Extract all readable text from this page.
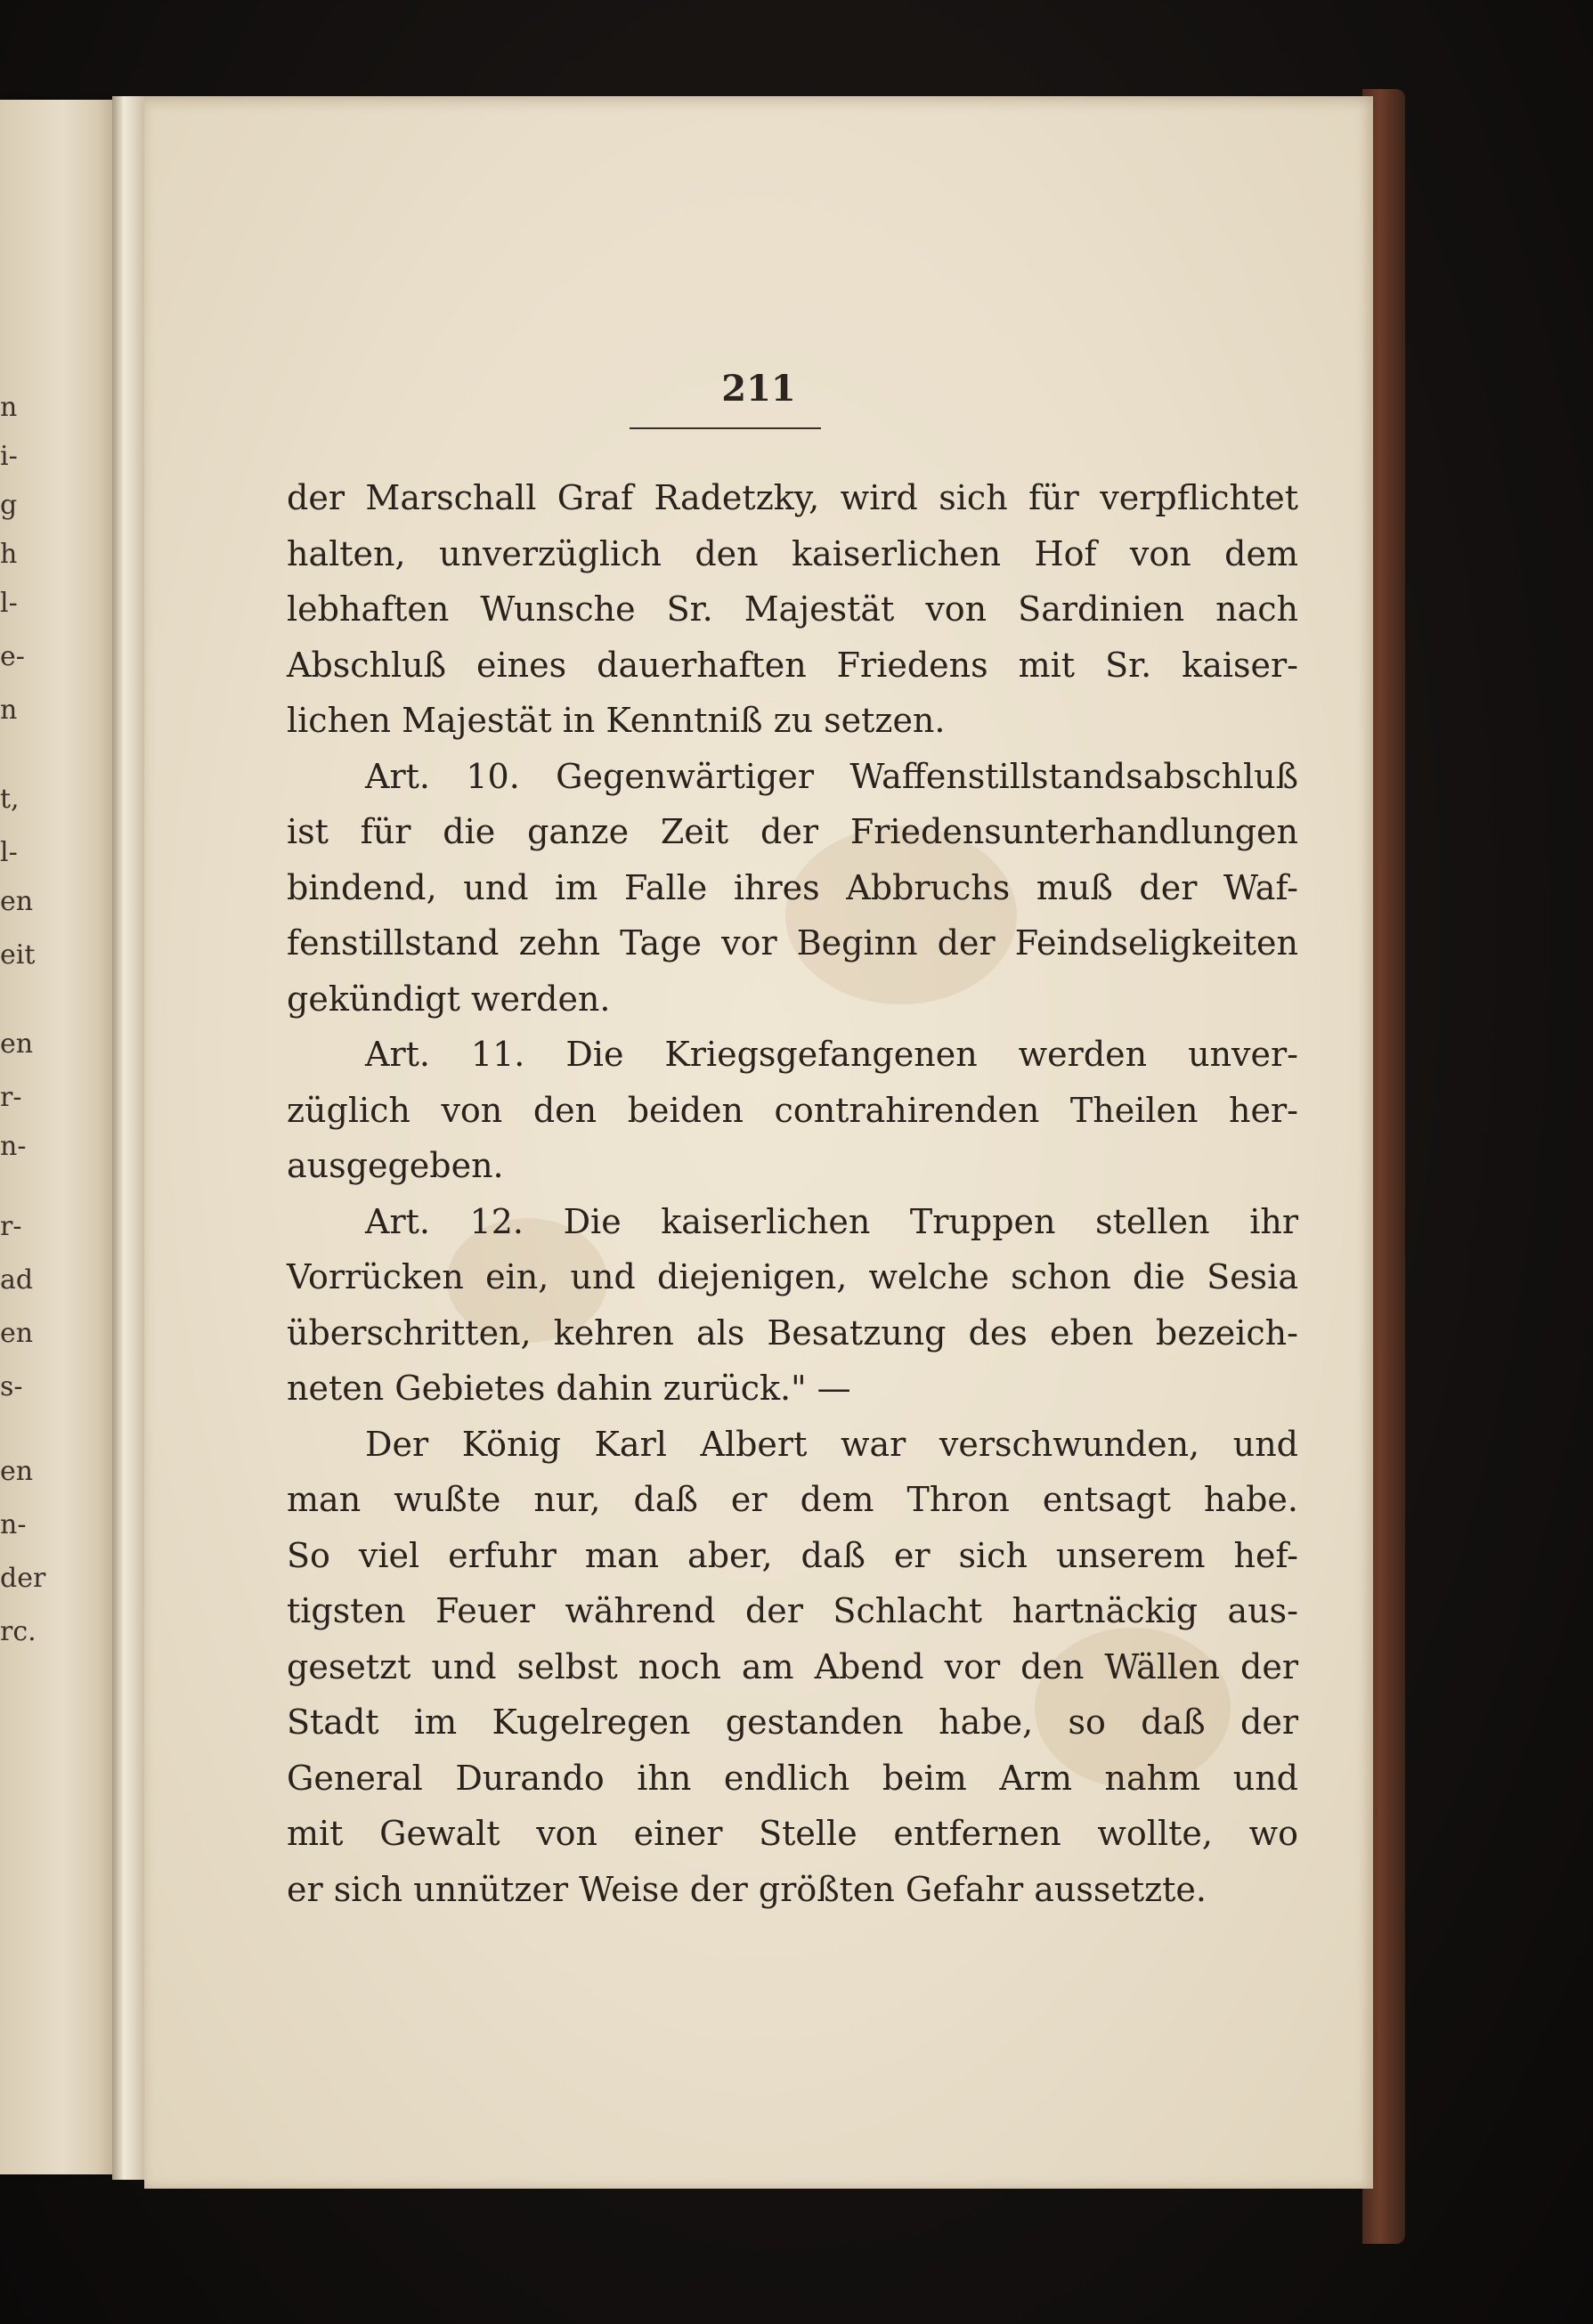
n
i-
g
h
l-
e-
n
t,
l-
en
eit
en
r-
n-
r-
ad
en
s-
en
n-
der
rc.
211
der Marschall Graf Radetzky, wird sich für verpflichtet
halten, unverzüglich den kaiserlichen Hof von dem
lebhaften Wunsche Sr. Majestät von Sardinien nach
Abschluß eines dauerhaften Friedens mit Sr. kaiser-
lichen Majestät in Kenntniß zu setzen.
Art. 10. Gegenwärtiger Waffenstillstandsabschluß
ist für die ganze Zeit der Friedensunterhandlungen
bindend, und im Falle ihres Abbruchs muß der Waf-
fenstillstand zehn Tage vor Beginn der Feindseligkeiten
gekündigt werden.
Art. 11. Die Kriegsgefangenen werden unver-
züglich von den beiden contrahirenden Theilen her-
ausgegeben.
Art. 12. Die kaiserlichen Truppen stellen ihr
Vorrücken ein, und diejenigen, welche schon die Sesia
überschritten, kehren als Besatzung des eben bezeich-
neten Gebietes dahin zurück." —
Der König Karl Albert war verschwunden, und
man wußte nur, daß er dem Thron entsagt habe.
So viel erfuhr man aber, daß er sich unserem hef-
tigsten Feuer während der Schlacht hartnäckig aus-
gesetzt und selbst noch am Abend vor den Wällen der
Stadt im Kugelregen gestanden habe, so daß der
General Durando ihn endlich beim Arm nahm und
mit Gewalt von einer Stelle entfernen wollte, wo
er sich unnützer Weise der größten Gefahr aussetzte.
